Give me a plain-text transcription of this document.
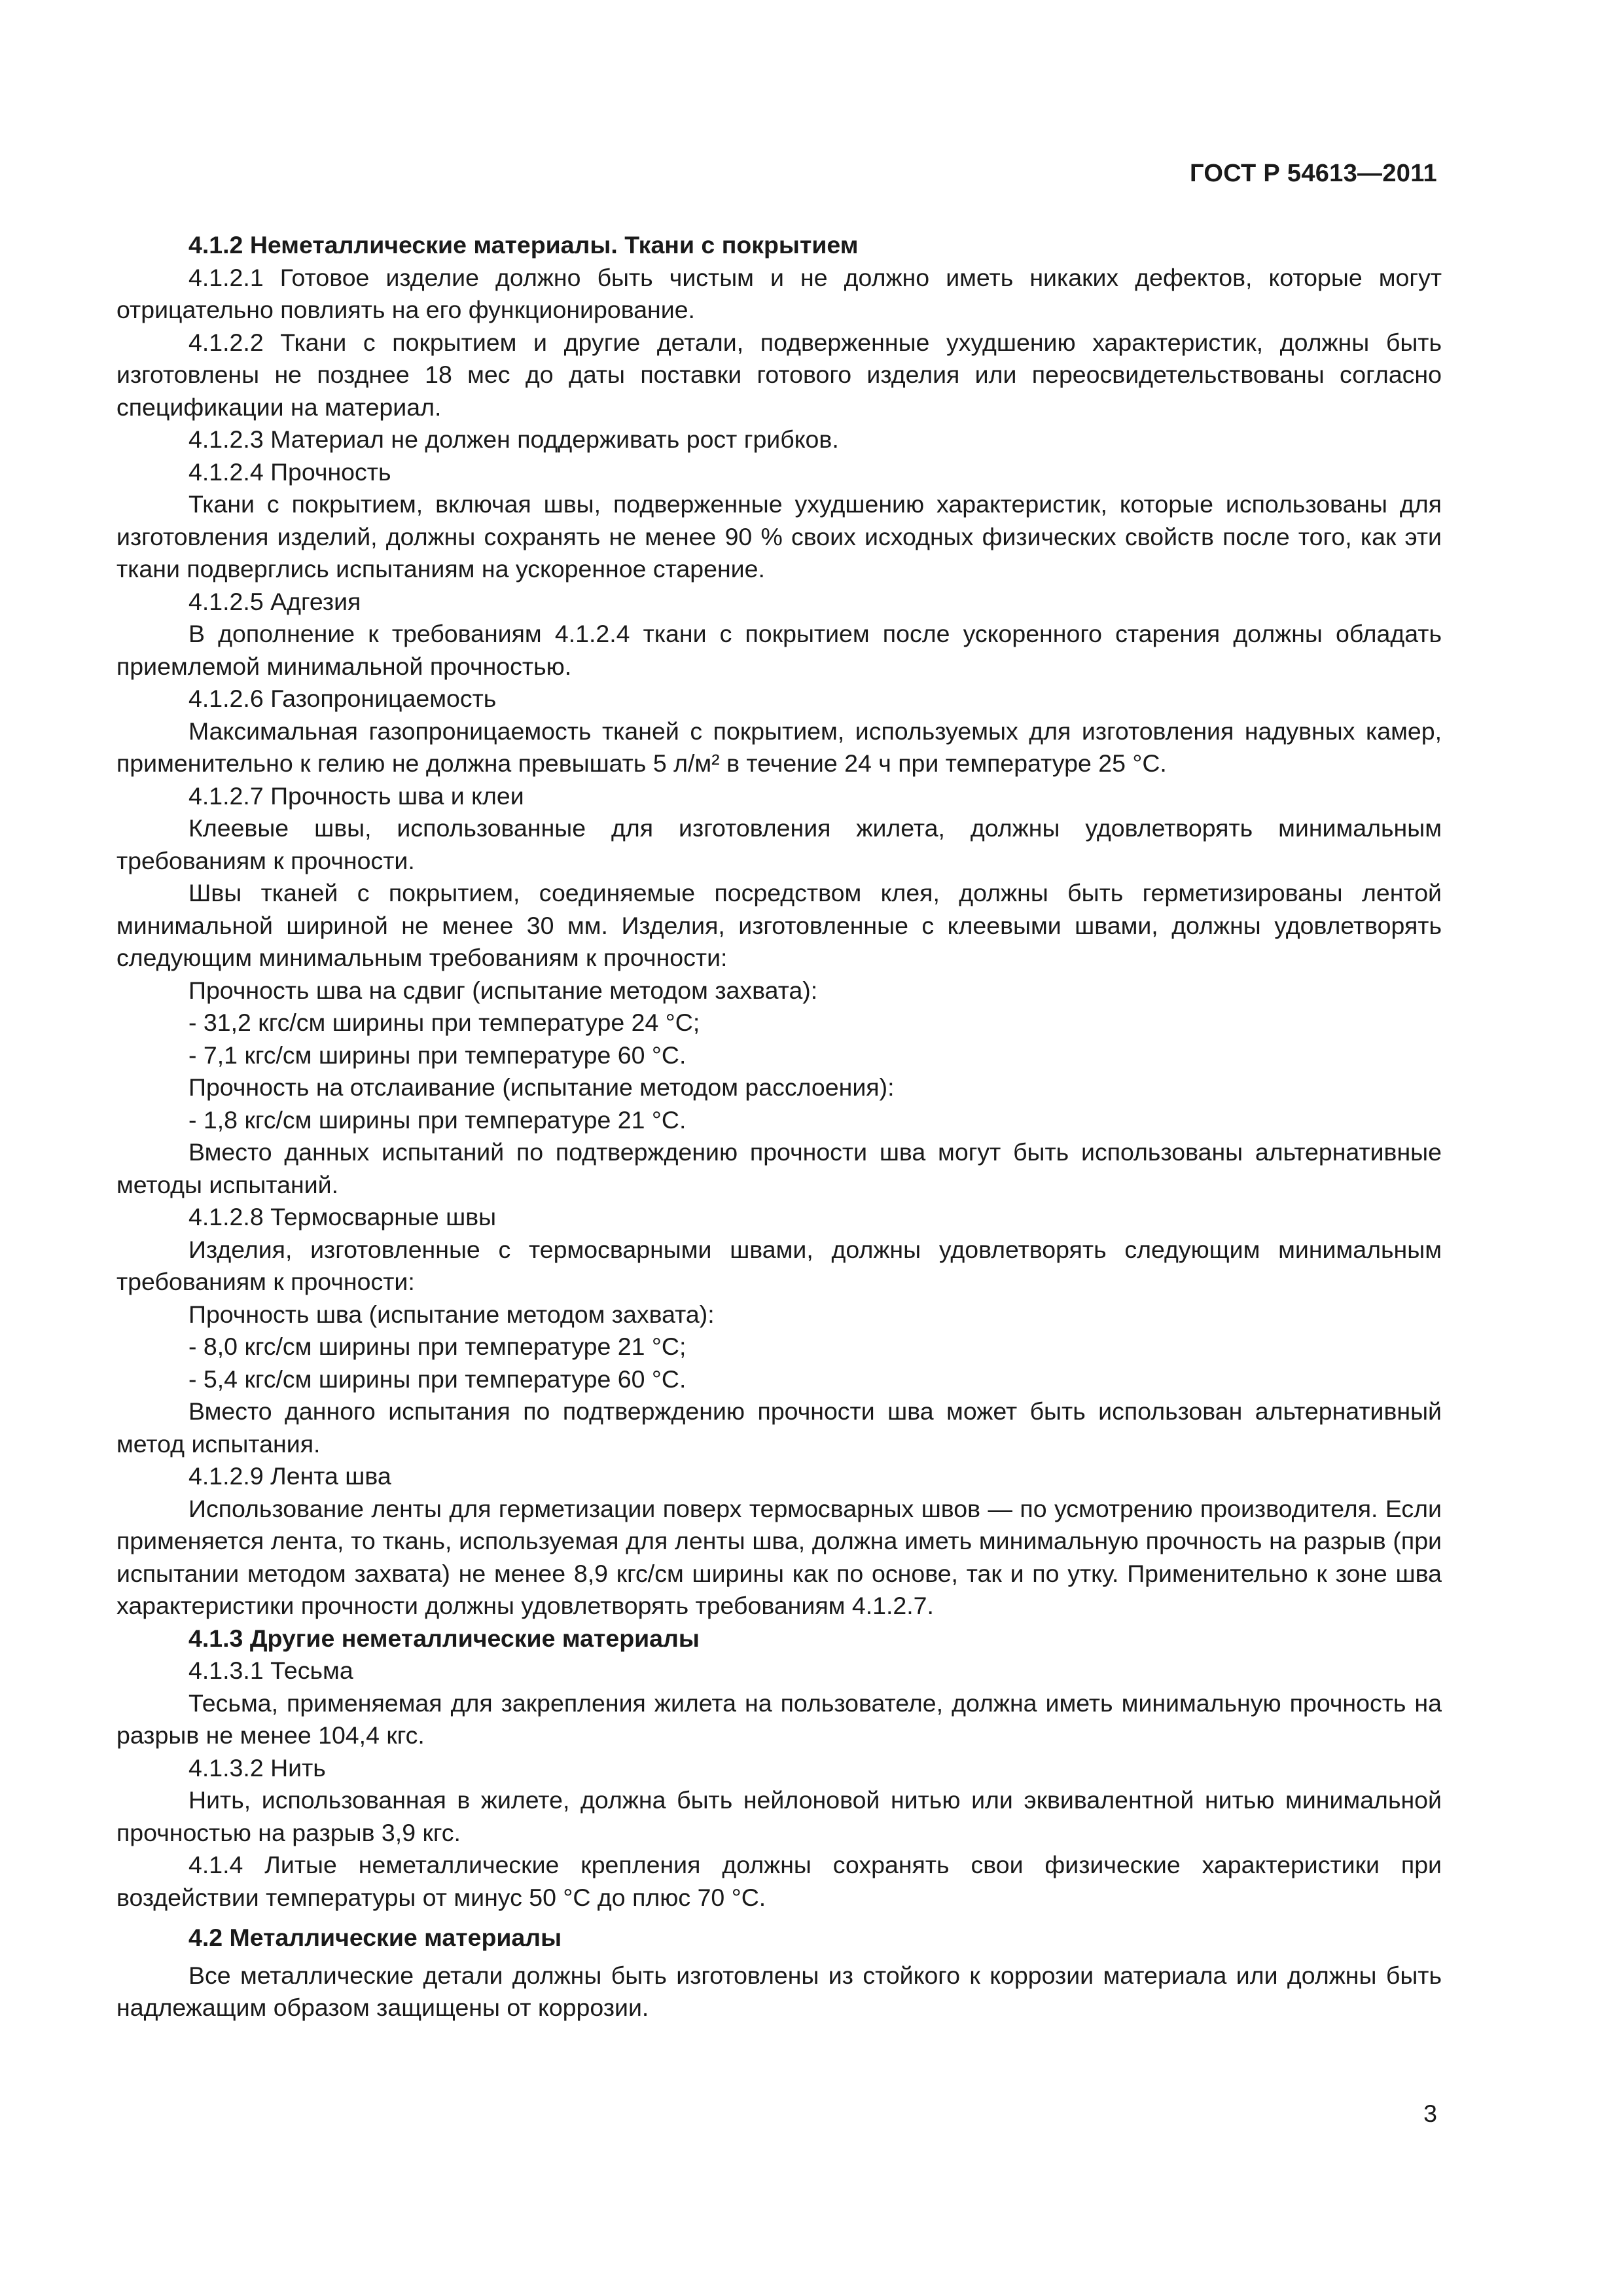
ГОСТ Р 54613—2011

4.1.2 Неметаллические материалы. Ткани с покрытием

4.1.2.1 Готовое изделие должно быть чистым и не должно иметь никаких дефектов, которые могут отрицательно повлиять на его функционирование.

4.1.2.2 Ткани с покрытием и другие детали, подверженные ухудшению характеристик, должны быть изготовлены не позднее 18 мес до даты поставки готового изделия или переосвидетельствованы согласно спецификации на материал.

4.1.2.3 Материал не должен поддерживать рост грибков.

4.1.2.4 Прочность

Ткани с покрытием, включая швы, подверженные ухудшению характеристик, которые использованы для изготовления изделий, должны сохранять не менее 90 % своих исходных физических свойств после того, как эти ткани подверглись испытаниям на ускоренное старение.

4.1.2.5 Адгезия

В дополнение к требованиям 4.1.2.4 ткани с покрытием после ускоренного старения должны обладать приемлемой минимальной прочностью.

4.1.2.6 Газопроницаемость

Максимальная газопроницаемость тканей с покрытием, используемых для изготовления надувных камер, применительно к гелию не должна превышать 5 л/м² в течение 24 ч при температуре 25 °С.

4.1.2.7 Прочность шва и клеи

Клеевые швы, использованные для изготовления жилета, должны удовлетворять минимальным требованиям к прочности.

Швы тканей с покрытием, соединяемые посредством клея, должны быть герметизированы лентой минимальной шириной не менее 30 мм. Изделия, изготовленные с клеевыми швами, должны удовлетворять следующим минимальным требованиям к прочности:

Прочность шва на сдвиг (испытание методом захвата):

- 31,2 кгс/см ширины при температуре 24 °С;

- 7,1 кгс/см ширины при температуре 60 °С.

Прочность на отслаивание (испытание методом расслоения):

- 1,8 кгс/см ширины при температуре 21 °С.

Вместо данных испытаний по подтверждению прочности шва могут быть использованы альтернативные методы испытаний.

4.1.2.8 Термосварные швы

Изделия, изготовленные с термосварными швами, должны удовлетворять следующим минимальным требованиям к прочности:

Прочность шва (испытание методом захвата):

- 8,0 кгс/см ширины при температуре 21 °С;

- 5,4 кгс/см ширины при температуре 60 °С.

Вместо данного испытания по подтверждению прочности шва может быть использован альтернативный метод испытания.

4.1.2.9 Лента шва

Использование ленты для герметизации поверх термосварных швов — по усмотрению производителя. Если применяется лента, то ткань, используемая для ленты шва, должна иметь минимальную прочность на разрыв (при испытании методом захвата) не менее 8,9 кгс/см ширины как по основе, так и по утку. Применительно к зоне шва характеристики прочности должны удовлетворять требованиям 4.1.2.7.

4.1.3 Другие неметаллические материалы

4.1.3.1 Тесьма

Тесьма, применяемая для закрепления жилета на пользователе, должна иметь минимальную прочность на разрыв не менее 104,4 кгс.

4.1.3.2 Нить

Нить, использованная в жилете, должна быть нейлоновой нитью или эквивалентной нитью минимальной прочностью на разрыв 3,9 кгс.

4.1.4 Литые неметаллические крепления должны сохранять свои физические характеристики при воздействии температуры от минус 50 °С до плюс 70 °С.

4.2 Металлические материалы

Все металлические детали должны быть изготовлены из стойкого к коррозии материала или должны быть надлежащим образом защищены от коррозии.

3
